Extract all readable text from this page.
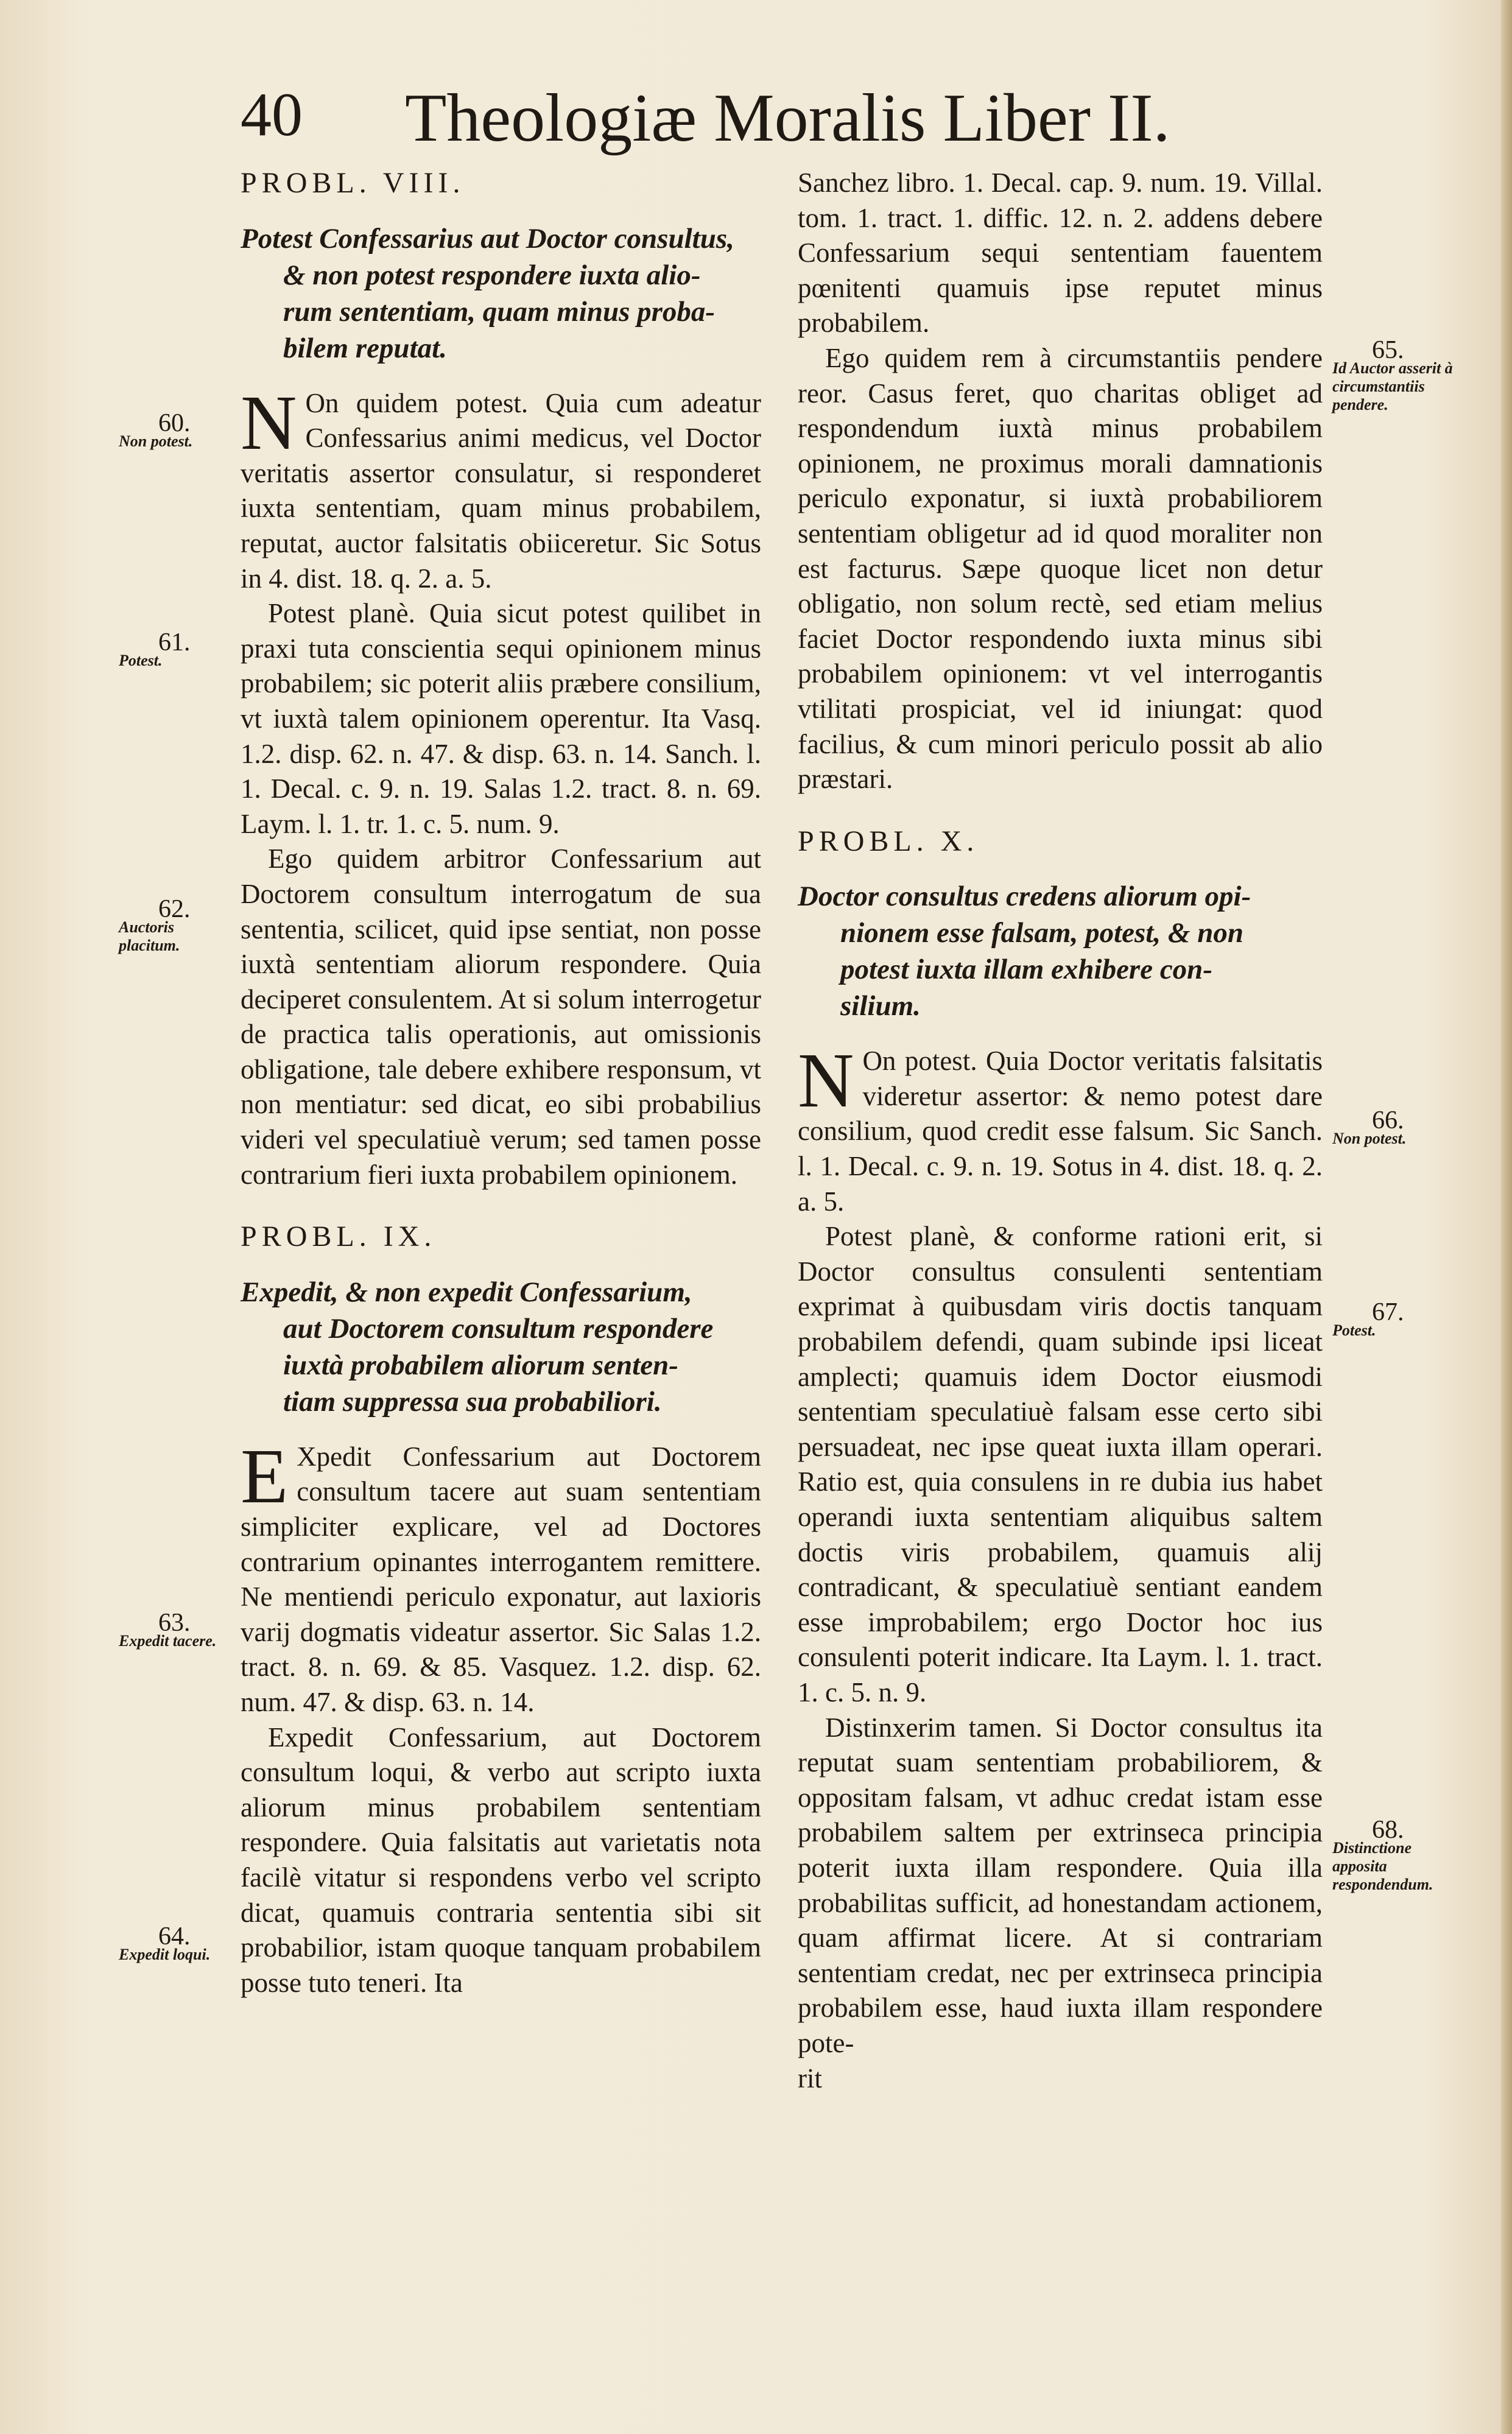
40 Theologiæ Moralis Liber II.

PROBL. VIII.

Potest Confessarius aut Doctor consultus,
& non potest respondere iuxta alio-
rum sententiam, quam minus proba-
bilem reputat.

N On quidem potest. Quia cum adeatur Confessarius animi medicus, vel Doctor veritatis assertor consulatur, si responderet iuxta sententiam, quam minus probabilem, reputat, auctor falsitatis obiiceretur. Sic Sotus in 4. dist. 18. q. 2. a. 5.

Potest planè. Quia sicut potest quilibet in praxi tuta conscientia sequi opinionem minus probabilem; sic poterit aliis præbere consilium, vt iuxtà talem opinionem operentur. Ita Vasq. 1.2. disp. 62. n. 47. & disp. 63. n. 14. Sanch. l. 1. Decal. c. 9. n. 19. Salas 1.2. tract. 8. n. 69. Laym. l. 1. tr. 1. c. 5. num. 9.

Ego quidem arbitror Confessarium aut Doctorem consultum interrogatum de sua sententia, scilicet, quid ipse sentiat, non posse iuxtà sententiam aliorum respondere. Quia deciperet consulentem. At si solum interrogetur de practica talis operationis, aut omissionis obligatione, tale debere exhibere responsum, vt non mentiatur: sed dicat, eo sibi probabilius videri vel speculatiuè verum; sed tamen posse contrarium fieri iuxta probabilem opinionem.

PROBL. IX.

Expedit, & non expedit Confessarium,
aut Doctorem consultum respondere
iuxtà probabilem aliorum senten-
tiam suppressa sua probabiliori.

E Xpedit Confessarium aut Doctorem consultum tacere aut suam sententiam simpliciter explicare, vel ad Doctores contrarium opinantes interrogantem remittere. Ne mentiendi periculo exponatur, aut laxioris varij dogmatis videatur assertor. Sic Salas 1.2. tract. 8. n. 69. & 85. Vasquez. 1.2. disp. 62. num. 47. & disp. 63. n. 14.

Expedit Confessarium, aut Doctorem consultum loqui, & verbo aut scripto iuxta aliorum minus probabilem sententiam respondere. Quia falsitatis aut varietatis nota facilè vitatur si respondens verbo vel scripto dicat, quamuis contraria sententia sibi sit probabilior, istam quoque tanquam probabilem posse tuto teneri. Ita

Sanchez libro. 1. Decal. cap. 9. num. 19. Villal. tom. 1. tract. 1. diffic. 12. n. 2. addens debere Confessarium sequi sententiam fauentem pœnitenti quamuis ipse reputet minus probabilem.

Ego quidem rem à circumstantiis pendere reor. Casus feret, quo charitas obliget ad respondendum iuxtà minus probabilem opinionem, ne proximus morali damnationis periculo exponatur, si iuxtà probabiliorem sententiam obligetur ad id quod moraliter non est facturus. Sæpe quoque licet non detur obligatio, non solum rectè, sed etiam melius faciet Doctor respondendo iuxta minus sibi probabilem opinionem: vt vel interrogantis vtilitati prospiciat, vel id iniungat: quod facilius, & cum minori periculo possit ab alio præstari.

PROBL. X.

Doctor consultus credens aliorum opi-
nionem esse falsam, potest, & non
potest iuxta illam exhibere con-
silium.

N On potest. Quia Doctor veritatis falsitatis videretur assertor: & nemo potest dare consilium, quod credit esse falsum. Sic Sanch. l. 1. Decal. c. 9. n. 19. Sotus in 4. dist. 18. q. 2. a. 5.

Potest planè, & conforme rationi erit, si Doctor consultus consulenti sententiam exprimat à quibusdam viris doctis tanquam probabilem defendi, quam subinde ipsi liceat amplecti; quamuis idem Doctor eiusmodi sententiam speculatiuè falsam esse certo sibi persuadeat, nec ipse queat iuxta illam operari. Ratio est, quia consulens in re dubia ius habet operandi iuxta sententiam aliquibus saltem doctis viris probabilem, quamuis alij contradicant, & speculatiuè sentiant eandem esse improbabilem; ergo Doctor hoc ius consulenti poterit indicare. Ita Laym. l. 1. tract. 1. c. 5. n. 9.

Distinxerim tamen. Si Doctor consultus ita reputat suam sententiam probabiliorem, & oppositam falsam, vt adhuc credat istam esse probabilem saltem per extrinseca principia poterit iuxta illam respondere. Quia illa probabilitas sufficit, ad honestandam actionem, quam affirmat licere. At si contrariam sententiam credat, nec per extrinseca principia probabilem esse, haud iuxta illam respondere pote-

rit

60.
Non potest.
61.
Potest.
62.
Auctoris placitum.
63.
Expedit tacere.
64.
Expedit loqui.
65.
Id Auctor asserit à circumstantiis pendere.
66.
Non potest.
67.
Potest.
68.
Distinctione apposita respondendum.
